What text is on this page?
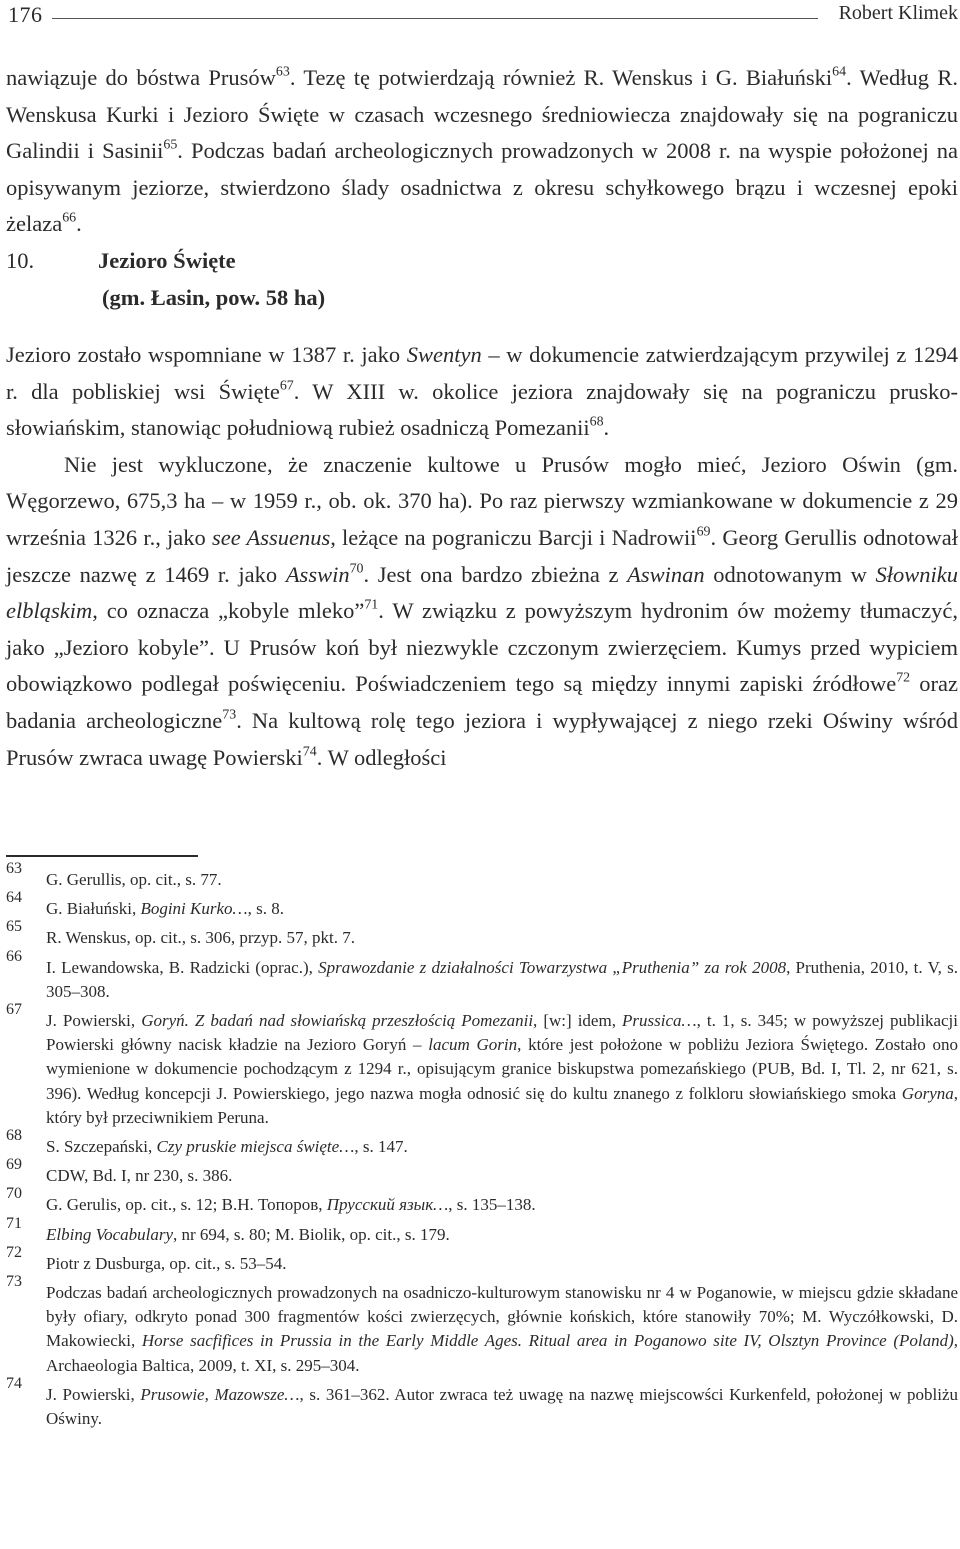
176	Robert Klimek

nawiązuje do bóstwa Prusów$^{63}$. Tezę tę potwierdzają również R. Wenskus i G. Białuński$^{64}$. Według R. Wenskusa Kurki i Jezioro Święte w czasach wczesnego średniowiecza znajdowały się na pograniczu Galindii i Sasinii$^{65}$. Podczas badań archeologicznych prowadzonych w 2008 r. na wyspie położonej na opisywanym jeziorze, stwierdzono ślady osadnictwa z okresu schyłkowego brązu i wczesnej epoki żelaza$^{66}$.

10.	Jezioro Święte
(gm. Łasin, pow. 58 ha)

Jezioro zostało wspomniane w 1387 r. jako Swentyn – w dokumencie zatwierdzającym przywilej z 1294 r. dla pobliskiej wsi Święte$^{67}$. W XIII w. okolice jeziora znajdowały się na pograniczu prusko-słowiańskim, stanowiąc południową rubież osadniczą Pomezanii$^{68}$.

Nie jest wykluczone, że znaczenie kultowe u Prusów mogło mieć, Jezioro Oświn (gm. Węgorzewo, 675,3 ha – w 1959 r., ob. ok. 370 ha). Po raz pierwszy wzmiankowane w dokumencie z 29 września 1326 r., jako see Assuenus, leżące na pograniczu Barcji i Nadrowii$^{69}$. Georg Gerullis odnotował jeszcze nazwę z 1469 r. jako Asswin$^{70}$. Jest ona bardzo zbieżna z Aswinan odnotowanym w Słowniku elbląskim, co oznacza „kobyle mleko”$^{71}$. W związku z powyższym hydronim ów możemy tłumaczyć, jako „Jezioro kobyle”. U Prusów koń był niezwykle czczonym zwierzęciem. Kumys przed wypiciem obowiązkowo podlegał poświęceniu. Poświadczeniem tego są między innymi zapiski źródłowe$^{72}$ oraz badania archeologiczne$^{73}$. Na kultową rolę tego jeziora i wypływającej z niego rzeki Oświny wśród Prusów zwraca uwagę Powierski$^{74}$. W odległości

63
G. Gerullis, op. cit., s. 77.
64
G. Białuński, Bogini Kurko…, s. 8.
65
R. Wenskus, op. cit., s. 306, przyp. 57, pkt. 7.
66
I. Lewandowska, B. Radzicki (oprac.), Sprawozdanie z działalności Towarzystwa „Pruthenia” za rok 2008, Pruthenia, 2010, t. V, s. 305–308.
67
J. Powierski, Goryń. Z badań nad słowiańską przeszłością Pomezanii, [w:] idem, Prussica…, t. 1, s. 345; w powyższej publikacji Powierski główny nacisk kładzie na Jezioro Goryń – lacum Gorin, które jest położone w pobliżu Jeziora Świętego. Zostało ono wymienione w dokumencie pochodzącym z 1294 r., opisującym granice biskupstwa pomezańskiego (PUB, Bd. I, Tl. 2, nr 621, s. 396). Według koncepcji J. Powierskiego, jego nazwa mogła odnosić się do kultu znanego z folkloru słowiańskiego smoka Goryna, który był przeciwnikiem Peruna.
68
S. Szczepański, Czy pruskie miejsca święte…, s. 147.
69
CDW, Bd. I, nr 230, s. 386.
70
G. Gerulis, op. cit., s. 12; В.Н. Топоров, Прусский язык…, s. 135–138.
71
Elbing Vocabulary, nr 694, s. 80; M. Biolik, op. cit., s. 179.
72
Piotr z Dusburga, op. cit., s. 53–54.
73
Podczas badań archeologicznych prowadzonych na osadniczo-kulturowym stanowisku nr 4 w Poganowie, w miejscu gdzie składane były ofiary, odkryto ponad 300 fragmentów kości zwierzęcych, głównie końskich, które stanowiły 70%; M. Wyczółkowski, D. Makowiecki, Horse sacfifices in Prussia in the Early Middle Ages. Ritual area in Poganowo site IV, Olsztyn Province (Poland), Archaeologia Baltica, 2009, t. XI, s. 295–304.
74
J. Powierski, Prusowie, Mazowsze…, s. 361–362. Autor zwraca też uwagę na nazwę miejscowści Kurkenfeld, położonej w pobliżu Oświny.
